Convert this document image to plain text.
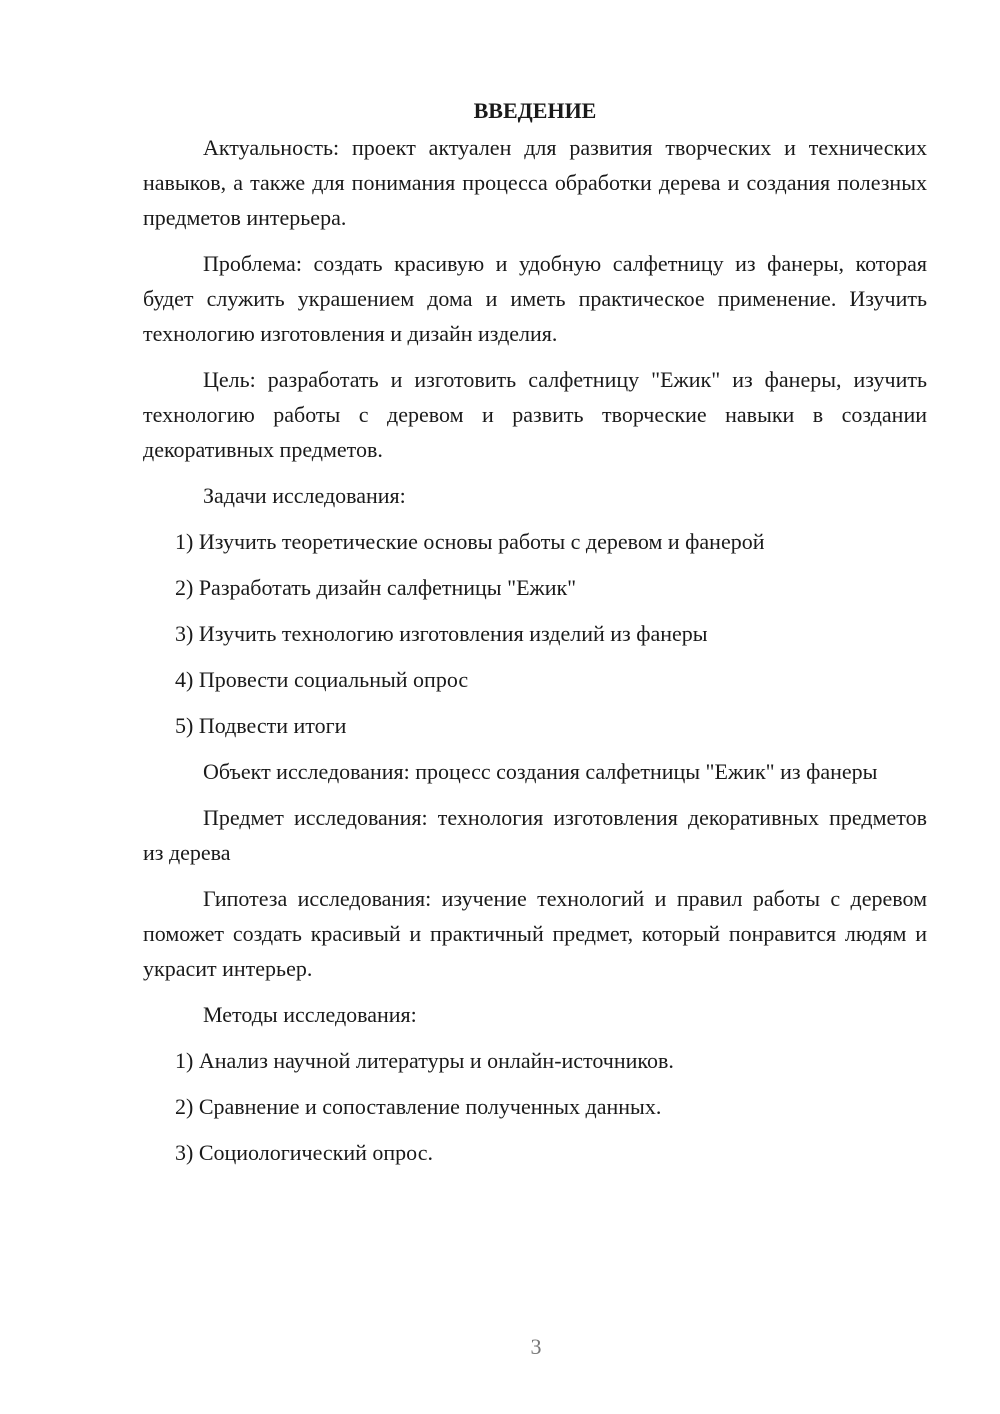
ВВЕДЕНИЕ

Актуальность: проект актуален для развития творческих и технических навыков, а также для понимания процесса обработки дерева и создания полезных предметов интерьера.

Проблема: создать красивую и удобную салфетницу из фанеры, которая будет служить украшением дома и иметь практическое применение. Изучить технологию изготовления и дизайн изделия.

Цель: разработать и изготовить салфетницу "Ежик" из фанеры, изучить технологию работы с деревом и развить творческие навыки в создании декоративных предметов.

Задачи исследования:

1) Изучить теоретические основы работы с деревом и фанерой
2) Разработать дизайн салфетницы "Ежик"
3) Изучить технологию изготовления изделий из фанеры
4) Провести социальный опрос
5) Подвести итоги

Объект исследования: процесс создания салфетницы "Ежик" из фанеры

Предмет исследования: технология изготовления декоративных предметов из дерева

Гипотеза исследования: изучение технологий и правил работы с деревом поможет создать красивый и практичный предмет, который понравится людям и украсит интерьер.

Методы исследования:

1) Анализ научной литературы и онлайн-источников.
2) Сравнение и сопоставление полученных данных.
3) Социологический опрос.
3
